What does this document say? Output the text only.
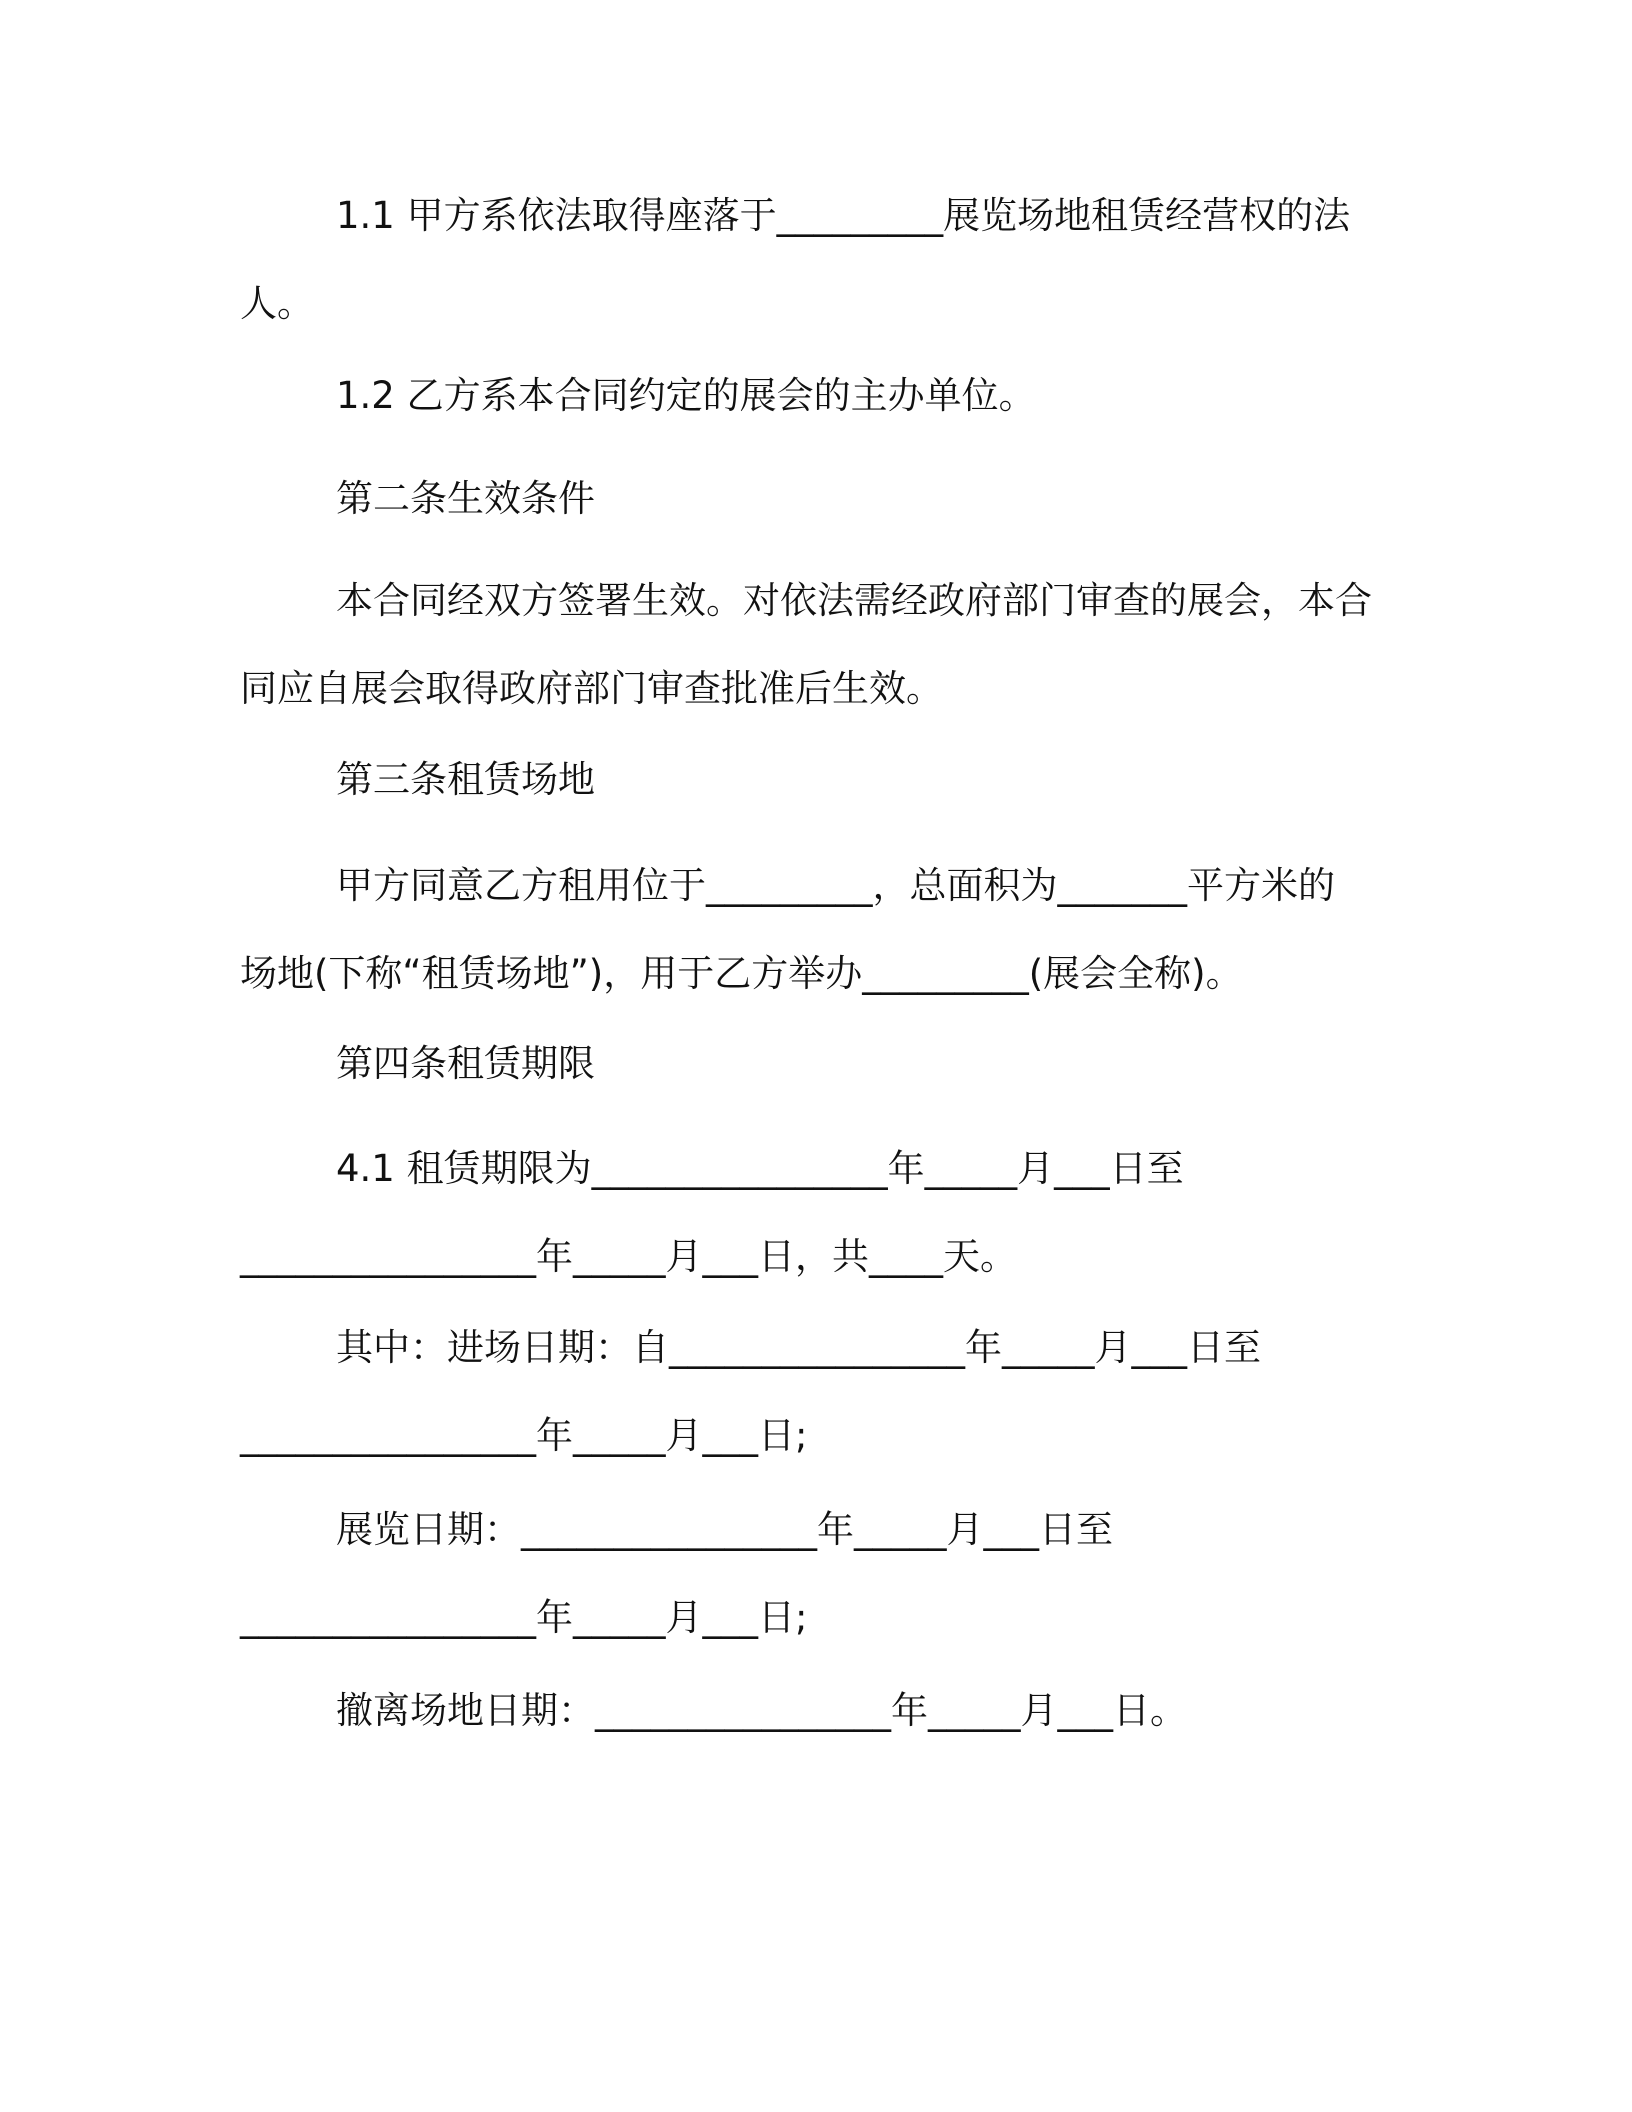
1.1 甲方系依法取得座落于_________展览场地租赁经营权的法
人。

1.2 乙方系本合同约定的展会的主办单位。

第二条生效条件

本合同经双方签署生效。对依法需经政府部门审查的展会，本合
同应自展会取得政府部门审查批准后生效。

第三条租赁场地

甲方同意乙方租用位于_________，总面积为_______平方米的
场地(下称“租赁场地”)，用于乙方举办_________(展会全称)。

第四条租赁期限

4.1 租赁期限为________________年_____月___日至
________________年_____月___日，共____天。

其中：进场日期：自________________年_____月___日至
________________年_____月___日;

展览日期：________________年_____月___日至
________________年_____月___日;

撤离场地日期：________________年_____月___日。
